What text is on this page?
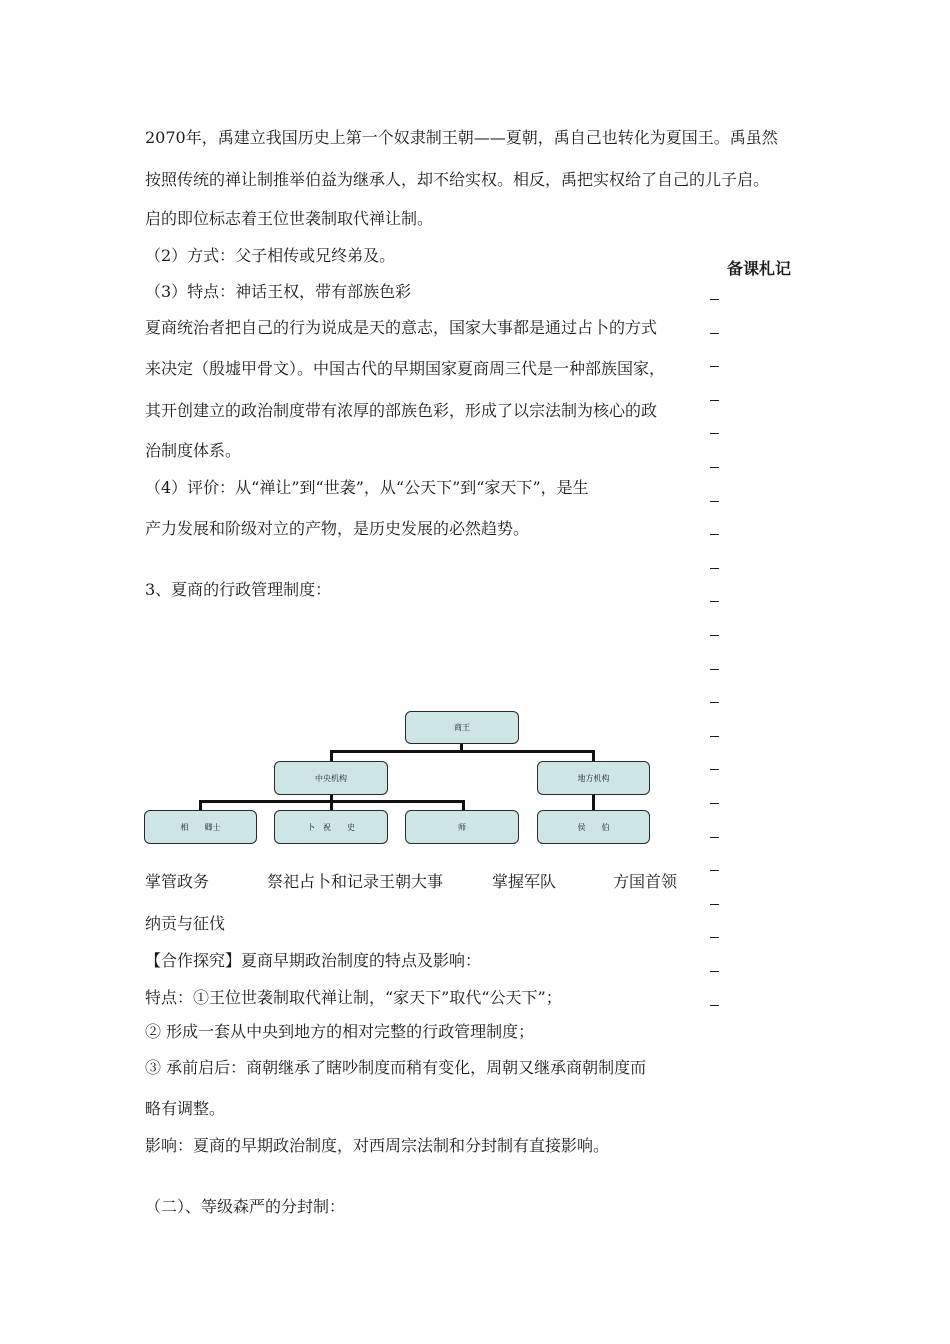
2070年，禹建立我国历史上第一个奴隶制王朝——夏朝，禹自己也转化为夏国王。禹虽然
按照传统的禅让制推举伯益为继承人，却不给实权。相反，禹把实权给了自己的儿子启。
启的即位标志着王位世袭制取代禅让制。
（2）方式：父子相传或兄终弟及。
（3）特点：神话王权，带有部族色彩
夏商统治者把自己的行为说成是天的意志，国家大事都是通过占卜的方式
来决定（殷墟甲骨文）。中国古代的早期国家夏商周三代是一种部族国家，
其开创建立的政治制度带有浓厚的部族色彩，形成了以宗法制为核心的政
治制度体系。
（4）评价：从“禅让”到“世袭”，从“公天下”到“家天下”，是生
产力发展和阶级对立的产物，是历史发展的必然趋势。
3、夏商的行政管理制度：
备课札记
商王
中央机构	地方机构
相　　卿士	卜　祝　　史	师	侯　　伯
掌管政务	祭祀占卜和记录王朝大事	掌握军队	方国首领
纳贡与征伐
【合作探究】夏商早期政治制度的特点及影响：
特点：①王位世袭制取代禅让制，“家天下”取代“公天下”；
② 形成一套从中央到地方的相对完整的行政管理制度；
③ 承前启后：商朝继承了瞎吵制度而稍有变化，周朝又继承商朝制度而
略有调整。
影响：夏商的早期政治制度，对西周宗法制和分封制有直接影响。
（二）、等级森严的分封制：
